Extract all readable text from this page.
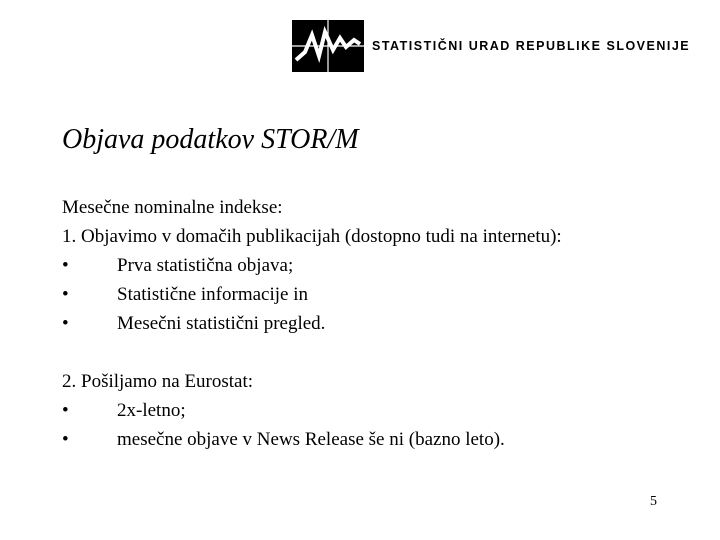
STATISTIČNI URAD REPUBLIKE SLOVENIJE
Objava podatkov STOR/M
Mesečne nominalne indekse:
1. Objavimo v domačih publikacijah (dostopno tudi na internetu):
•	Prva statistična objava;
•	Statistične informacije in
•	Mesečni statistični pregled.
2. Pošiljamo na Eurostat:
•	2x-letno;
•	mesečne objave v News Release še ni (bazno leto).
5
